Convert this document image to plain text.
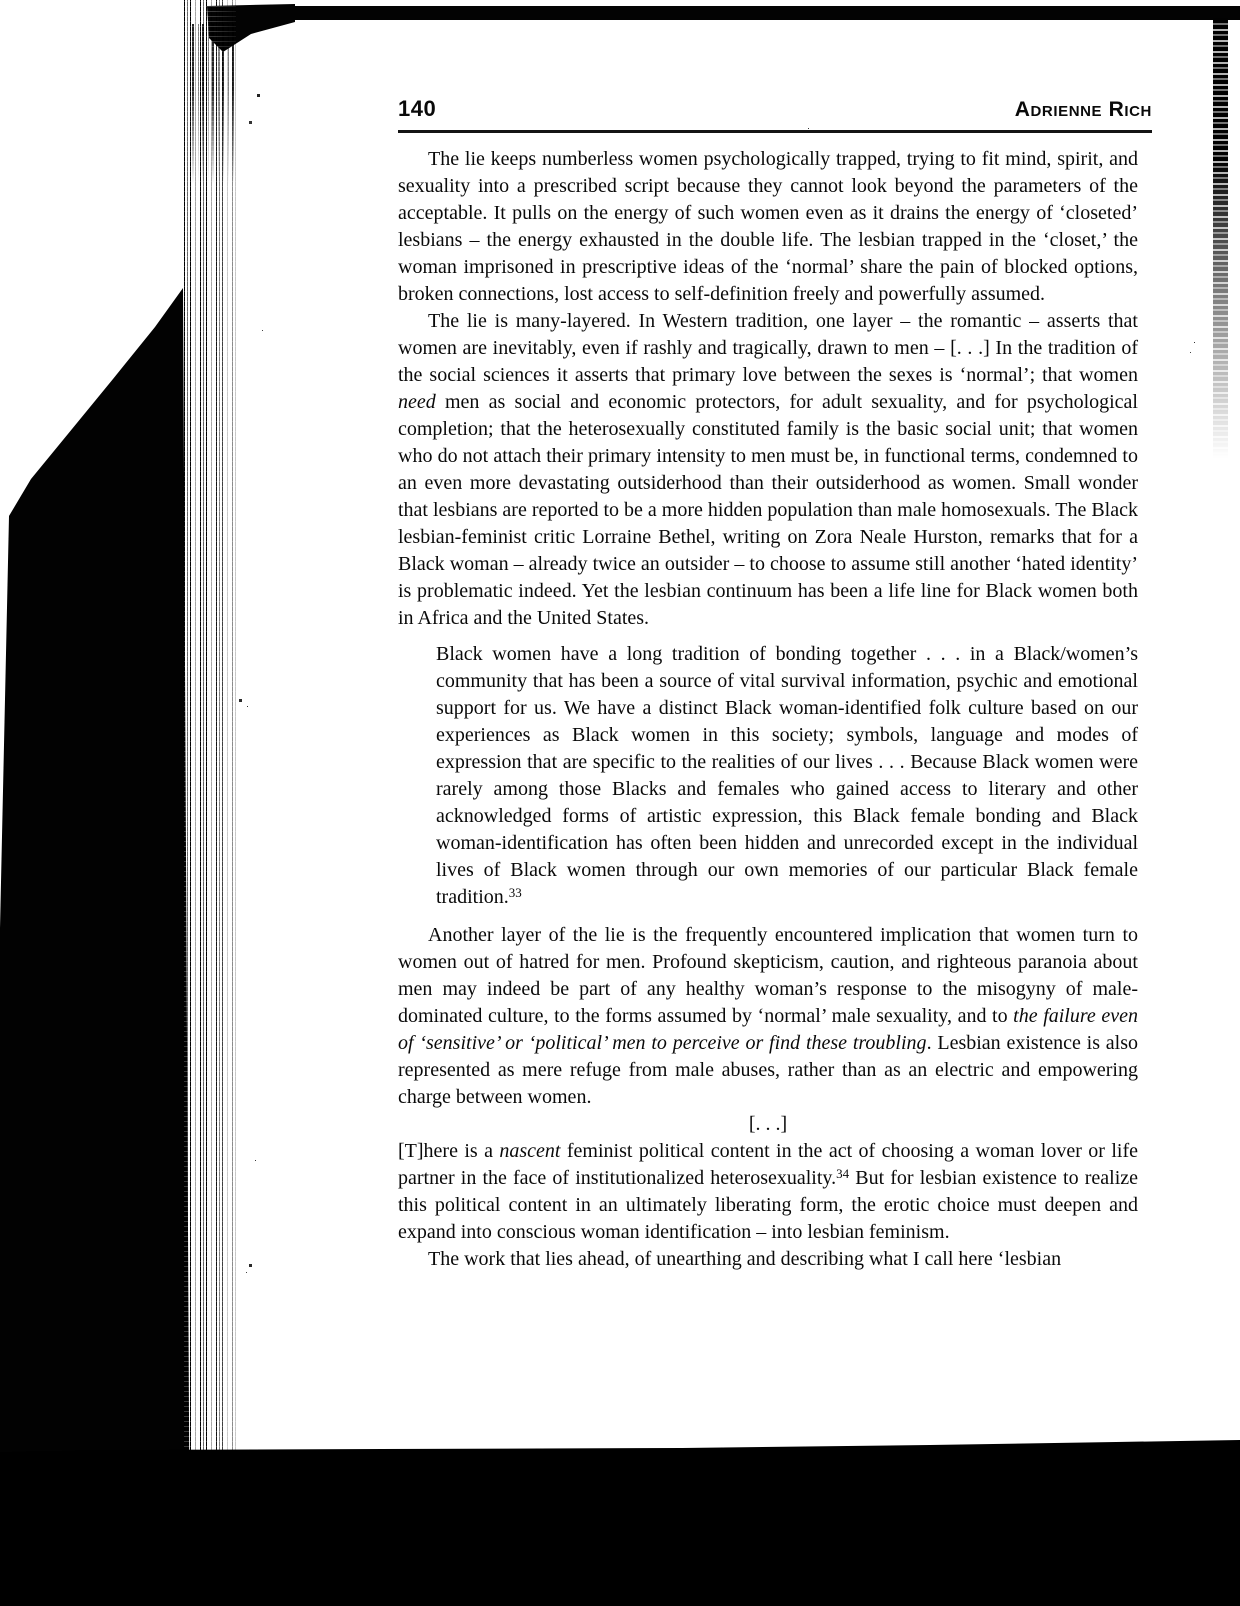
140	Adrienne Rich

The lie keeps numberless women psychologically trapped, trying to fit mind, spirit, and sexuality into a prescribed script because they cannot look beyond the parameters of the acceptable. It pulls on the energy of such women even as it drains the energy of ‘closeted’ lesbians – the energy exhausted in the double life. The lesbian trapped in the ‘closet,’ the woman imprisoned in prescriptive ideas of the ‘normal’ share the pain of blocked options, broken connections, lost access to self-definition freely and powerfully assumed.

The lie is many-layered. In Western tradition, one layer – the romantic – asserts that women are inevitably, even if rashly and tragically, drawn to men – [. . .] In the tradition of the social sciences it asserts that primary love between the sexes is ‘normal’; that women need men as social and economic protectors, for adult sexuality, and for psychological completion; that the heterosexually constituted family is the basic social unit; that women who do not attach their primary intensity to men must be, in functional terms, condemned to an even more devastating outsiderhood than their outsiderhood as women. Small wonder that lesbians are reported to be a more hidden population than male homosexuals. The Black lesbian-feminist critic Lorraine Bethel, writing on Zora Neale Hurston, remarks that for a Black woman – already twice an outsider – to choose to assume still another ‘hated identity’ is problematic indeed. Yet the lesbian continuum has been a life line for Black women both in Africa and the United States.

Black women have a long tradition of bonding together . . . in a Black/women’s community that has been a source of vital survival information, psychic and emotional support for us. We have a distinct Black woman-identified folk culture based on our experiences as Black women in this society; symbols, language and modes of expression that are specific to the realities of our lives . . . Because Black women were rarely among those Blacks and females who gained access to literary and other acknowledged forms of artistic expression, this Black female bonding and Black woman-identification has often been hidden and unrecorded except in the individual lives of Black women through our own memories of our particular Black female tradition.$^{33}$

Another layer of the lie is the frequently encountered implication that women turn to women out of hatred for men. Profound skepticism, caution, and righteous paranoia about men may indeed be part of any healthy woman’s response to the misogyny of male-dominated culture, to the forms assumed by ‘normal’ male sexuality, and to the failure even of ‘sensitive’ or ‘political’ men to perceive or find these troubling. Lesbian existence is also represented as mere refuge from male abuses, rather than as an electric and empowering charge between women.

[. . .]

[T]here is a nascent feminist political content in the act of choosing a woman lover or life partner in the face of institutionalized heterosexuality.$^{34}$ But for lesbian existence to realize this political content in an ultimately liberating form, the erotic choice must deepen and expand into conscious woman identification – into lesbian feminism.

The work that lies ahead, of unearthing and describing what I call here ‘lesbian
